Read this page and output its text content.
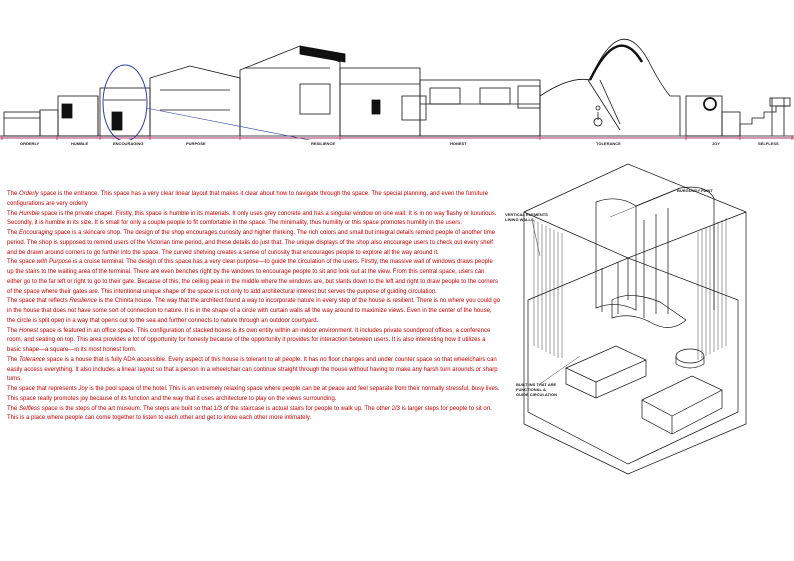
ORDERLY	HUMBLE	ENCOURAGING	PURPOSE	RESILIENCE	HONEST	TOLERANCE	JOY	SELFLESS

The Orderly space is the entrance. This space has a very clear linear layout that makes it clear about how to navigate through the space. The special planning, and even the furniture configurations are very orderly

The Humble space is the private chapel. Firstly, this space is humble in its materials. It only uses grey concrete and has a singular window on one wall. It is in no way flashy or luxurious. Secondly, it is humble in its size. It is small for only a couple people to fit comfortable in the space. The minimality, thus humility or this space promotes humility in the users.

The Encouraging space is a skincare shop. The design of the shop encourages curiosity and higher thinking. The rich colors and small but integral details remind people of another time period. The shop is supposed to remind users of the Victorian time period, and these details do just that. The unique displays of the shop also encourage users to check out every shelf and be drawn around corners to go further into the space. The curved shelving creates a sense of curiosity that encourages people to explore all the way around it.

The space with Purpose is a cruise terminal. The design of this space has a very clear purpose—to guide the circulation of the users. Firstly, the massive wall of windows draws people up the stairs to the waiting area of the terminal. There are even benches right by the windows to encourage people to sit and look out at the view. From this central space, users can either go to the far left or right to go to their gate. Because of this, the ceiling peak in the middle where the windows are, but slants down to the left and right to draw people to the corners of the space where their gates are. This intentional unique shape of the space is not only to add architectural interest but serves the purpose of guiding circulation.

The space that reflects Resilience is the Chinita house. The way that the architect found a way to incorporate nature in every step of the house is resilient. There is no where you could go in the house that does not have some sort of connection to nature. It is in the shape of a circle with curtain walls all the way around to maximize views. Even in the center of the house, the circle is split open in a way that opens out to the sea and further connects to nature through an outdoor courtyard.

The Honest space is featured in an office space. This configuration of stacked boxes is its own entity within an indoor environment. It includes private soundproof offices, a conference room, and seating on top. This area provides a lot of opportunity for honesty because of the opportunity it provides for interaction between users. It is also interesting how it utilizes a basic shape—a square—in its most honest form.

The Tolerance space is a house that is fully ADA accessible. Every aspect of this house is tolerant to all people. It has no floor changes and under counter space so that wheelchairs can easily access everything. It also includes a linear layout so that a person in a wheelchair can continue straight through the house without having to make any harsh turn arounds or sharp turns.

The space that represents Joy is the pool space of the hotel. This is an extremely relaxing space where people can be at peace and feel separate from their normally stressful, busy lives. This space really promotes joy because of its function and the way that it uses architecture to play on the views surrounding.

The Selfless space is the steps of the art museum. The steps are built so that 1/3 of the staircase is actual stairs for people to walk up. The other 2/3 is larger steps for people to sit on. This is a place where people can come together to listen to each other and get to know each other more intimately.

BURGUNDY PAINT
VERTICAL ELEMENTS
LINING WALLS
BUILT INS THAT ARE
FUNCTIONAL &
GUIDE CIRCULATION
